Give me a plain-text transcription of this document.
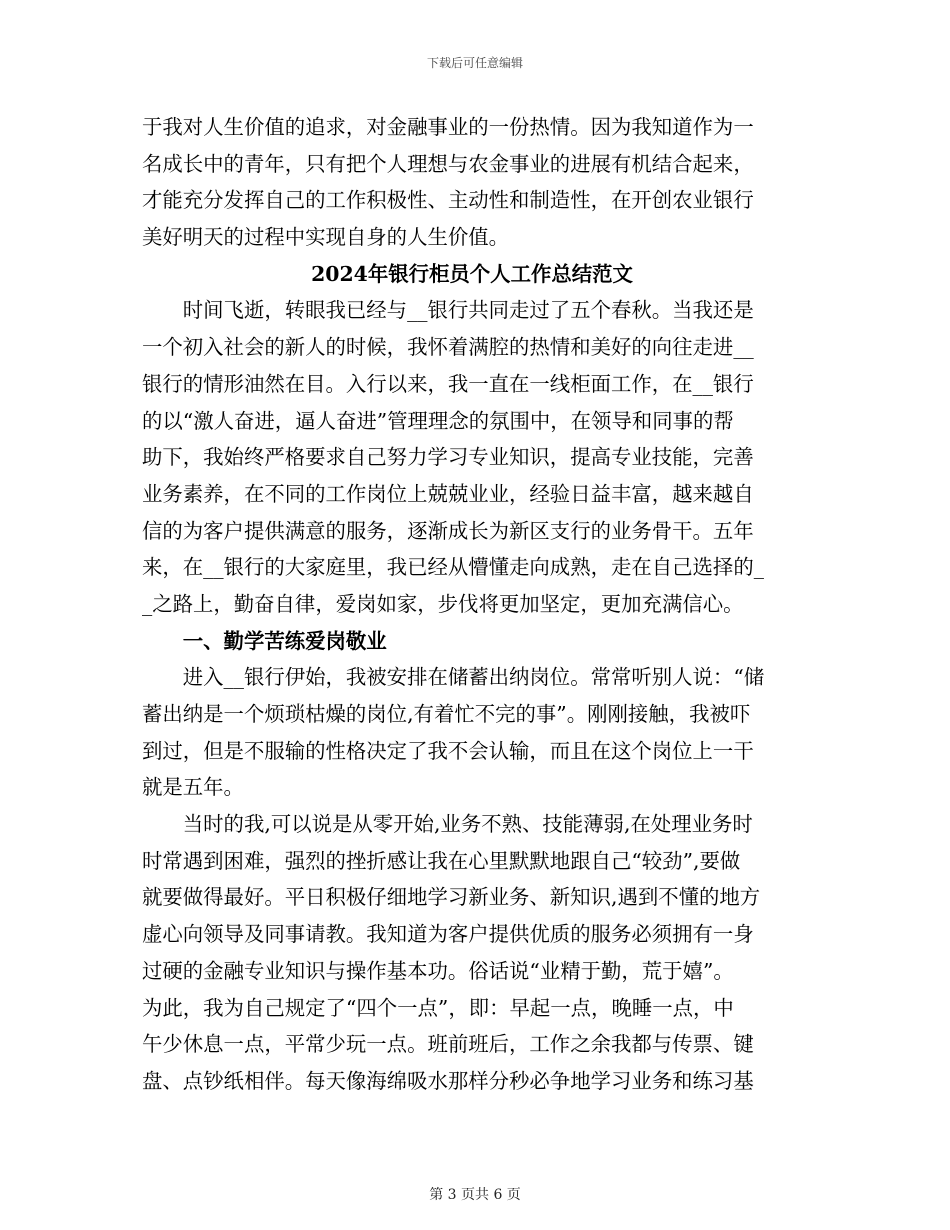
下载后可任意编辑
于我对人生价值的追求，对金融事业的一份热情。因为我知道作为一
名成长中的青年，只有把个人理想与农金事业的进展有机结合起来，
才能充分发挥自己的工作积极性、主动性和制造性，在开创农业银行
美好明天的过程中实现自身的人生价值。
2024年银行柜员个人工作总结范文
　　时间飞逝，转眼我已经与__银行共同走过了五个春秋。当我还是
一个初入社会的新人的时候，我怀着满腔的热情和美好的向往走进__
银行的情形油然在目。入行以来，我一直在一线柜面工作，在__银行
的以“激人奋进，逼人奋进”管理理念的氛围中，在领导和同事的帮
助下，我始终严格要求自己努力学习专业知识，提高专业技能，完善
业务素养，在不同的工作岗位上兢兢业业，经验日益丰富，越来越自
信的为客户提供满意的服务，逐渐成长为新区支行的业务骨干。五年
来，在__银行的大家庭里，我已经从懵懂走向成熟，走在自己选择的_
_之路上，勤奋自律，爱岗如家，步伐将更加坚定，更加充满信心。
　　一、勤学苦练爱岗敬业
　　进入__银行伊始，我被安排在储蓄出纳岗位。常常听别人说：“储
蓄出纳是一个烦琐枯燥的岗位,有着忙不完的事”。刚刚接触，我被吓
到过，但是不服输的性格决定了我不会认输，而且在这个岗位上一干
就是五年。
　　当时的我,可以说是从零开始,业务不熟、技能薄弱,在处理业务时
时常遇到困难，强烈的挫折感让我在心里默默地跟自己“较劲”,要做
就要做得最好。平日积极仔细地学习新业务、新知识,遇到不懂的地方
虚心向领导及同事请教。我知道为客户提供优质的服务必须拥有一身
过硬的金融专业知识与操作基本功。俗话说“业精于勤，荒于嬉”。
为此，我为自己规定了“四个一点”，即：早起一点，晚睡一点，中
午少休息一点，平常少玩一点。班前班后，工作之余我都与传票、键
盘、点钞纸相伴。每天像海绵吸水那样分秒必争地学习业务和练习基
第 3 页共 6 页
